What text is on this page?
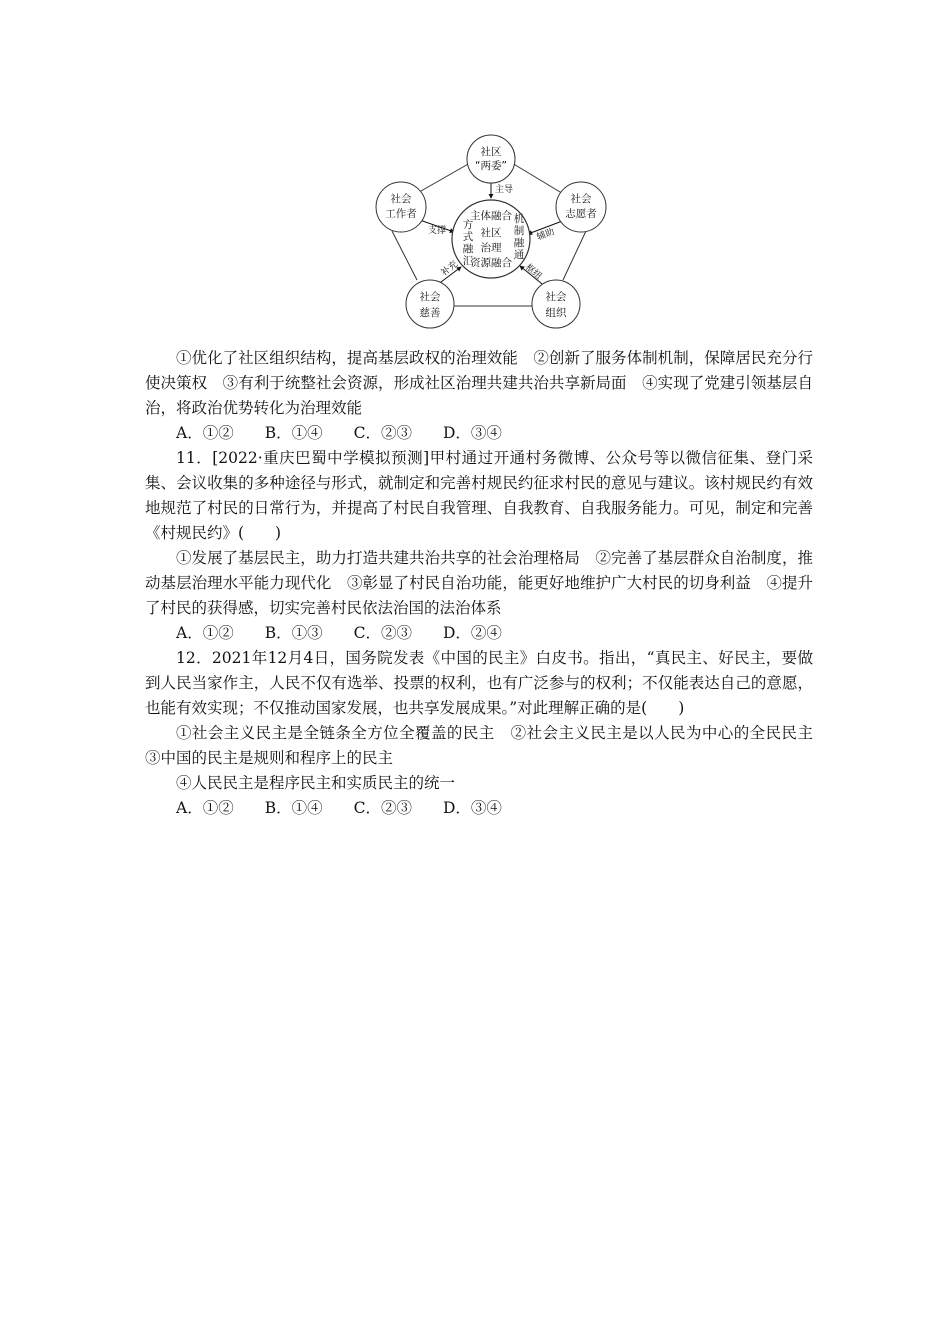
主导
支撑	辅助
补充	枢纽
社区
“两委”
社会
工作者
社会
志愿者
社会
慈善
社会
组织
主体融合
社区
治理
资源融合
方
式
融
汇
机
制
融
通

①优化了社区组织结构，提高基层政权的治理效能　②创新了服务体制机制，保障居民充分行使决策权　③有利于统整社会资源，形成社区治理共建共治共享新局面　④实现了党建引领基层自治，将政治优势转化为治理效能

A．①②　　B．①④　　C．②③　　D．③④

11．[2022·重庆巴蜀中学模拟预测]甲村通过开通村务微博、公众号等以微信征集、登门采集、会议收集的多种途径与形式，就制定和完善村规民约征求村民的意见与建议。该村规民约有效地规范了村民的日常行为，并提高了村民自我管理、自我教育、自我服务能力。可见，制定和完善《村规民约》(　　)

①发展了基层民主，助力打造共建共治共享的社会治理格局　②完善了基层群众自治制度，推动基层治理水平能力现代化　③彰显了村民自治功能，能更好地维护广大村民的切身利益　④提升了村民的获得感，切实完善村民依法治国的法治体系

A．①②　　B．①③　　C．②③　　D．②④

12．2021年12月4日，国务院发表《中国的民主》白皮书。指出，“真民主、好民主，要做到人民当家作主，人民不仅有选举、投票的权利，也有广泛参与的权利；不仅能表达自己的意愿，也能有效实现；不仅推动国家发展，也共享发展成果。”对此理解正确的是(　　)

①社会主义民主是全链条全方位全覆盖的民主　②社会主义民主是以人民为中心的全民民主　③中国的民主是规则和程序上的民主

④人民民主是程序民主和实质民主的统一

A．①②　　B．①④　　C．②③　　D．③④
